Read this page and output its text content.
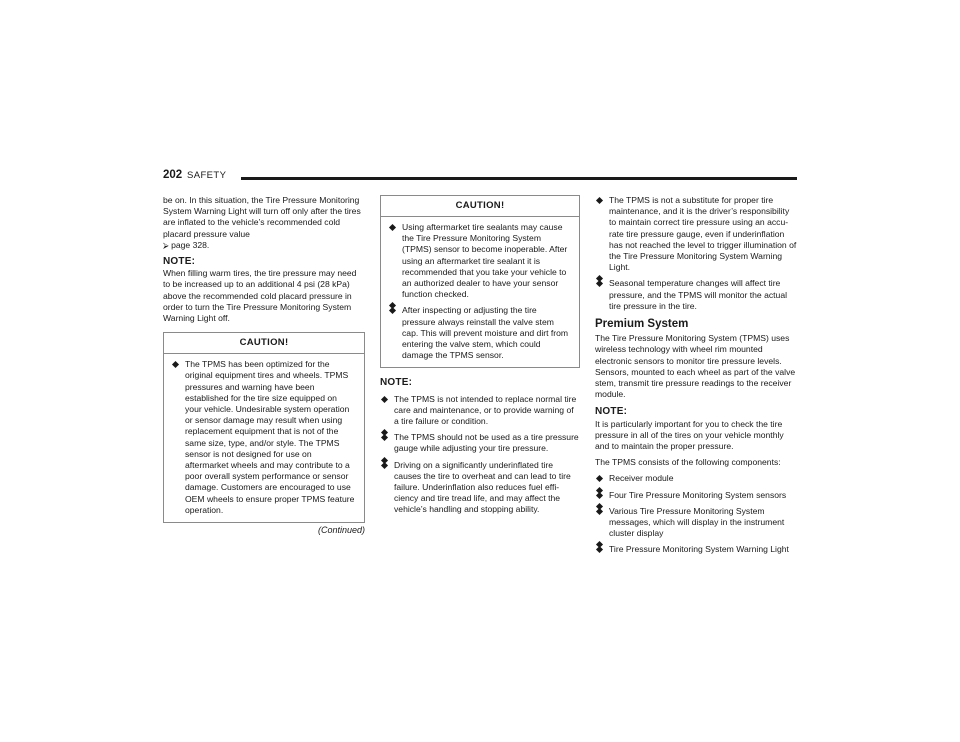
202 SAFETY

be on. In this situation, the Tire Pressure Monitoring System Warning Light will turn off only after the tires are inflated to the vehicle’s recommended cold placard pressure value
⮚ page 328.

NOTE:

When filling warm tires, the tire pressure may need to be increased up to an additional 4 psi (28 kPa) above the recommended cold placard pressure in order to turn the Tire Pressure Monitoring System Warning Light off.

CAUTION!
The TPMS has been optimized for the original equipment tires and wheels. TPMS pressures and warning have been established for the tire size equipped on your vehicle. Undesirable system operation or sensor damage may result when using replacement equipment that is not of the same size, type, and/or style. The TPMS sensor is not designed for use on aftermarket wheels and may contribute to a poor overall system performance or sensor damage. Customers are encouraged to use OEM wheels to ensure proper TPMS feature operation.
(Continued)
CAUTION!
Using aftermarket tire sealants may cause the Tire Pressure Monitoring System (TPMS) sensor to become inoperable. After using an aftermarket tire sealant it is recommended that you take your vehicle to an authorized dealer to have your sensor function checked.
After inspecting or adjusting the tire pressure always reinstall the valve stem cap. This will prevent moisture and dirt from entering the valve stem, which could damage the TPMS sensor.
NOTE:
The TPMS is not intended to replace normal tire care and maintenance, or to provide warning of a tire failure or condition.
The TPMS should not be used as a tire pressure gauge while adjusting your tire pressure.
Driving on a significantly underinflated tire causes the tire to overheat and can lead to tire failure. Underinflation also reduces fuel effi-ciency and tire tread life, and may affect the vehicle’s handling and stopping ability.
The TPMS is not a substitute for proper tire maintenance, and it is the driver’s responsibility to maintain correct tire pressure using an accu-rate tire pressure gauge, even if underinflation has not reached the level to trigger illumination of the Tire Pressure Monitoring System Warning Light.
Seasonal temperature changes will affect tire pressure, and the TPMS will monitor the actual tire pressure in the tire.
Premium System

The Tire Pressure Monitoring System (TPMS) uses wireless technology with wheel rim mounted electronic sensors to monitor tire pressure levels. Sensors, mounted to each wheel as part of the valve stem, transmit tire pressure readings to the receiver module.

NOTE:

It is particularly important for you to check the tire pressure in all of the tires on your vehicle monthly and to maintain the proper pressure.

The TPMS consists of the following components:

Receiver module
Four Tire Pressure Monitoring System sensors
Various Tire Pressure Monitoring System messages, which will display in the instrument cluster display
Tire Pressure Monitoring System Warning Light
